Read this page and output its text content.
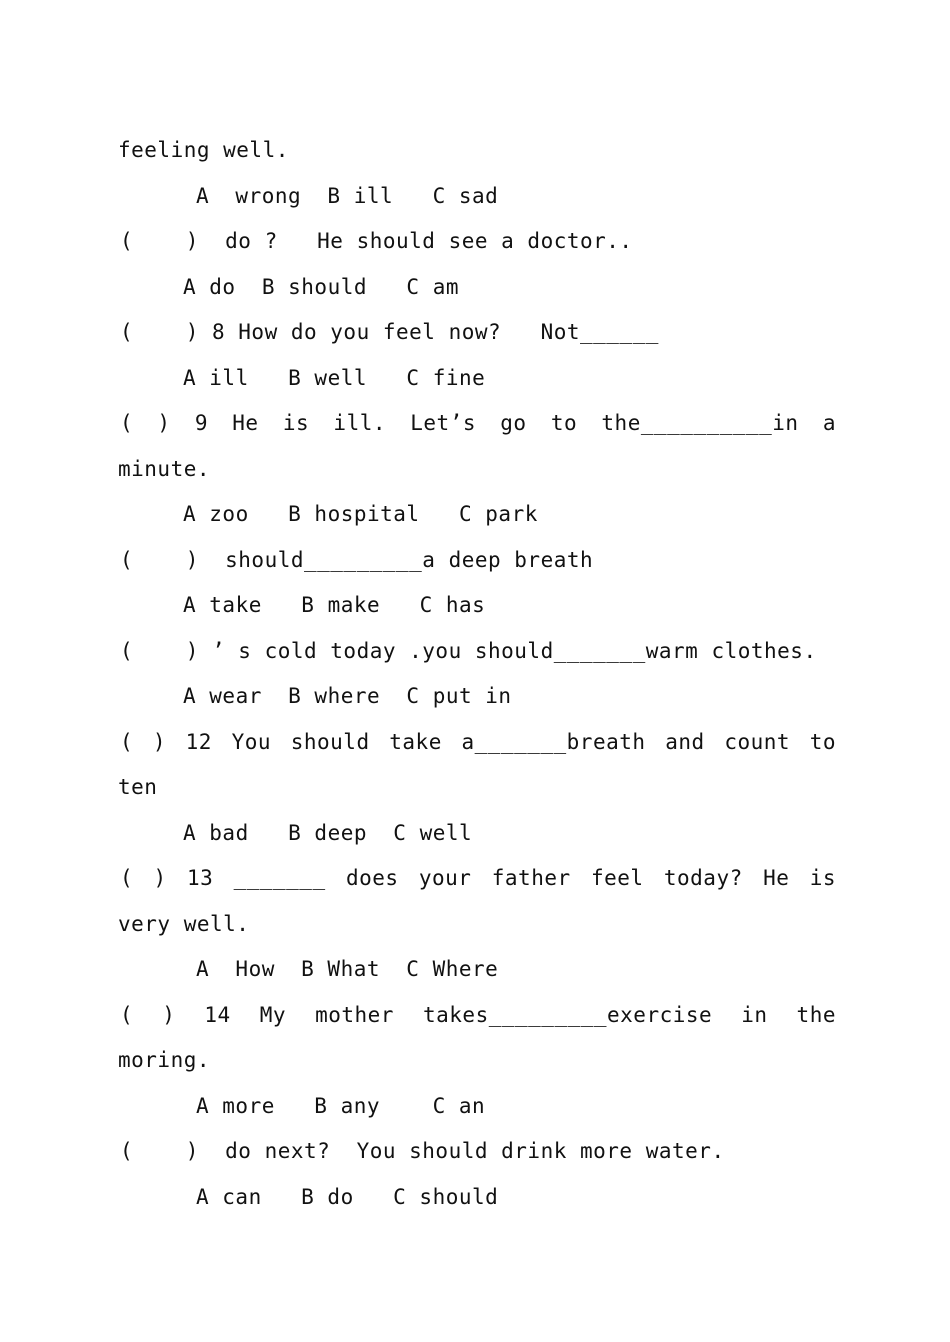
feeling well.
A  wrong  B ill   C sad
(    )  do ?   He should see a doctor..
A do  B should   C am
(    ) 8 How do you feel now?   Not______
A ill   B well   C fine
( ) 9 He is ill. Let’s go to the__________in a
minute.
A zoo   B hospital   C park
(    )  should_________a deep breath
A take   B make   C has
(    ) ’ s cold today .you should_______warm clothes.
A wear  B where  C put in
( ) 12 You should take a_______breath and count to
ten
A bad   B deep  C well
( ) 13 _______ does your father feel today? He is
very well.
A  How  B What  C Where
( ) 14 My mother takes_________exercise in the
moring.
A more   B any    C an
(    )  do next?  You should drink more water.
A can   B do   C should
